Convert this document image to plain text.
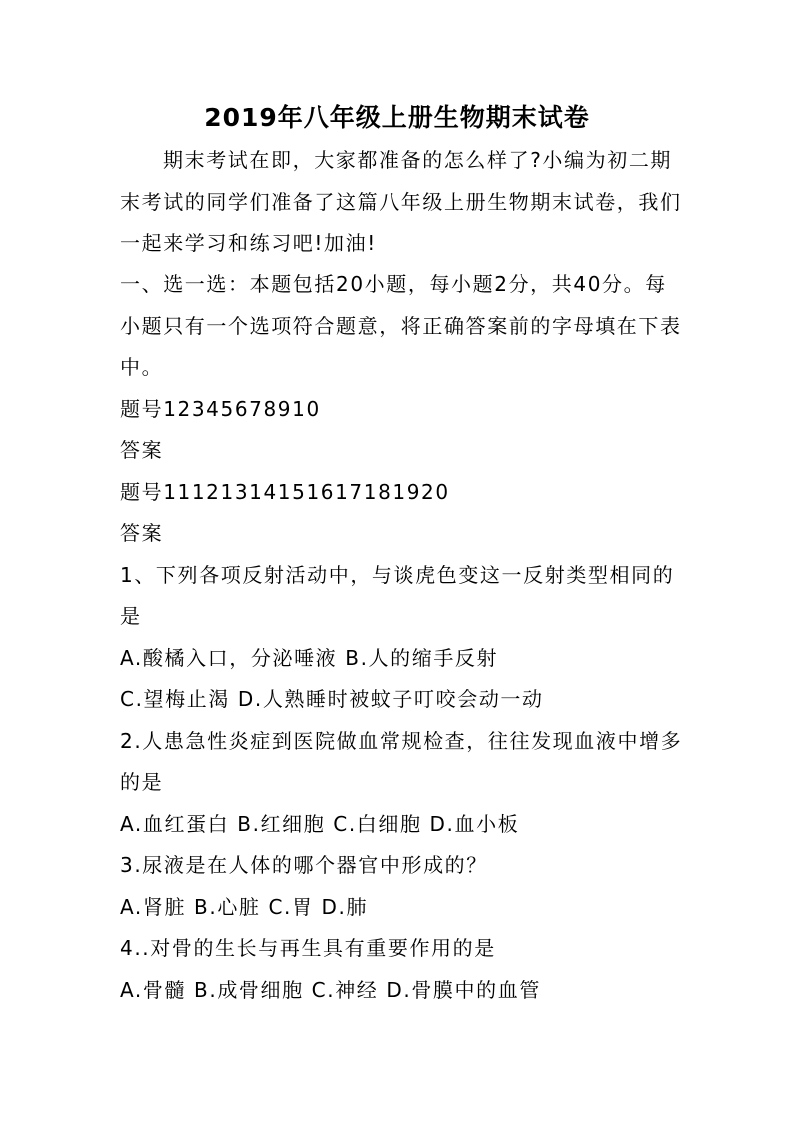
2019年八年级上册生物期末试卷
期末考试在即，大家都准备的怎么样了?小编为初二期
末考试的同学们准备了这篇八年级上册生物期末试卷，我们
一起来学习和练习吧!加油!
一、选一选：本题包括20小题，每小题2分，共40分。每
小题只有一个选项符合题意，将正确答案前的字母填在下表
中。
题号12345678910
答案
题号11121314151617181920
答案
1、下列各项反射活动中，与谈虎色变这一反射类型相同的
是
A.酸橘入口，分泌唾液 B.人的缩手反射
C.望梅止渴 D.人熟睡时被蚊子叮咬会动一动
2.人患急性炎症到医院做血常规检查，往往发现血液中增多
的是
A.血红蛋白 B.红细胞 C.白细胞 D.血小板
3.尿液是在人体的哪个器官中形成的？
A.肾脏 B.心脏 C.胃 D.肺
4..对骨的生长与再生具有重要作用的是
A.骨髓 B.成骨细胞 C.神经 D.骨膜中的血管
